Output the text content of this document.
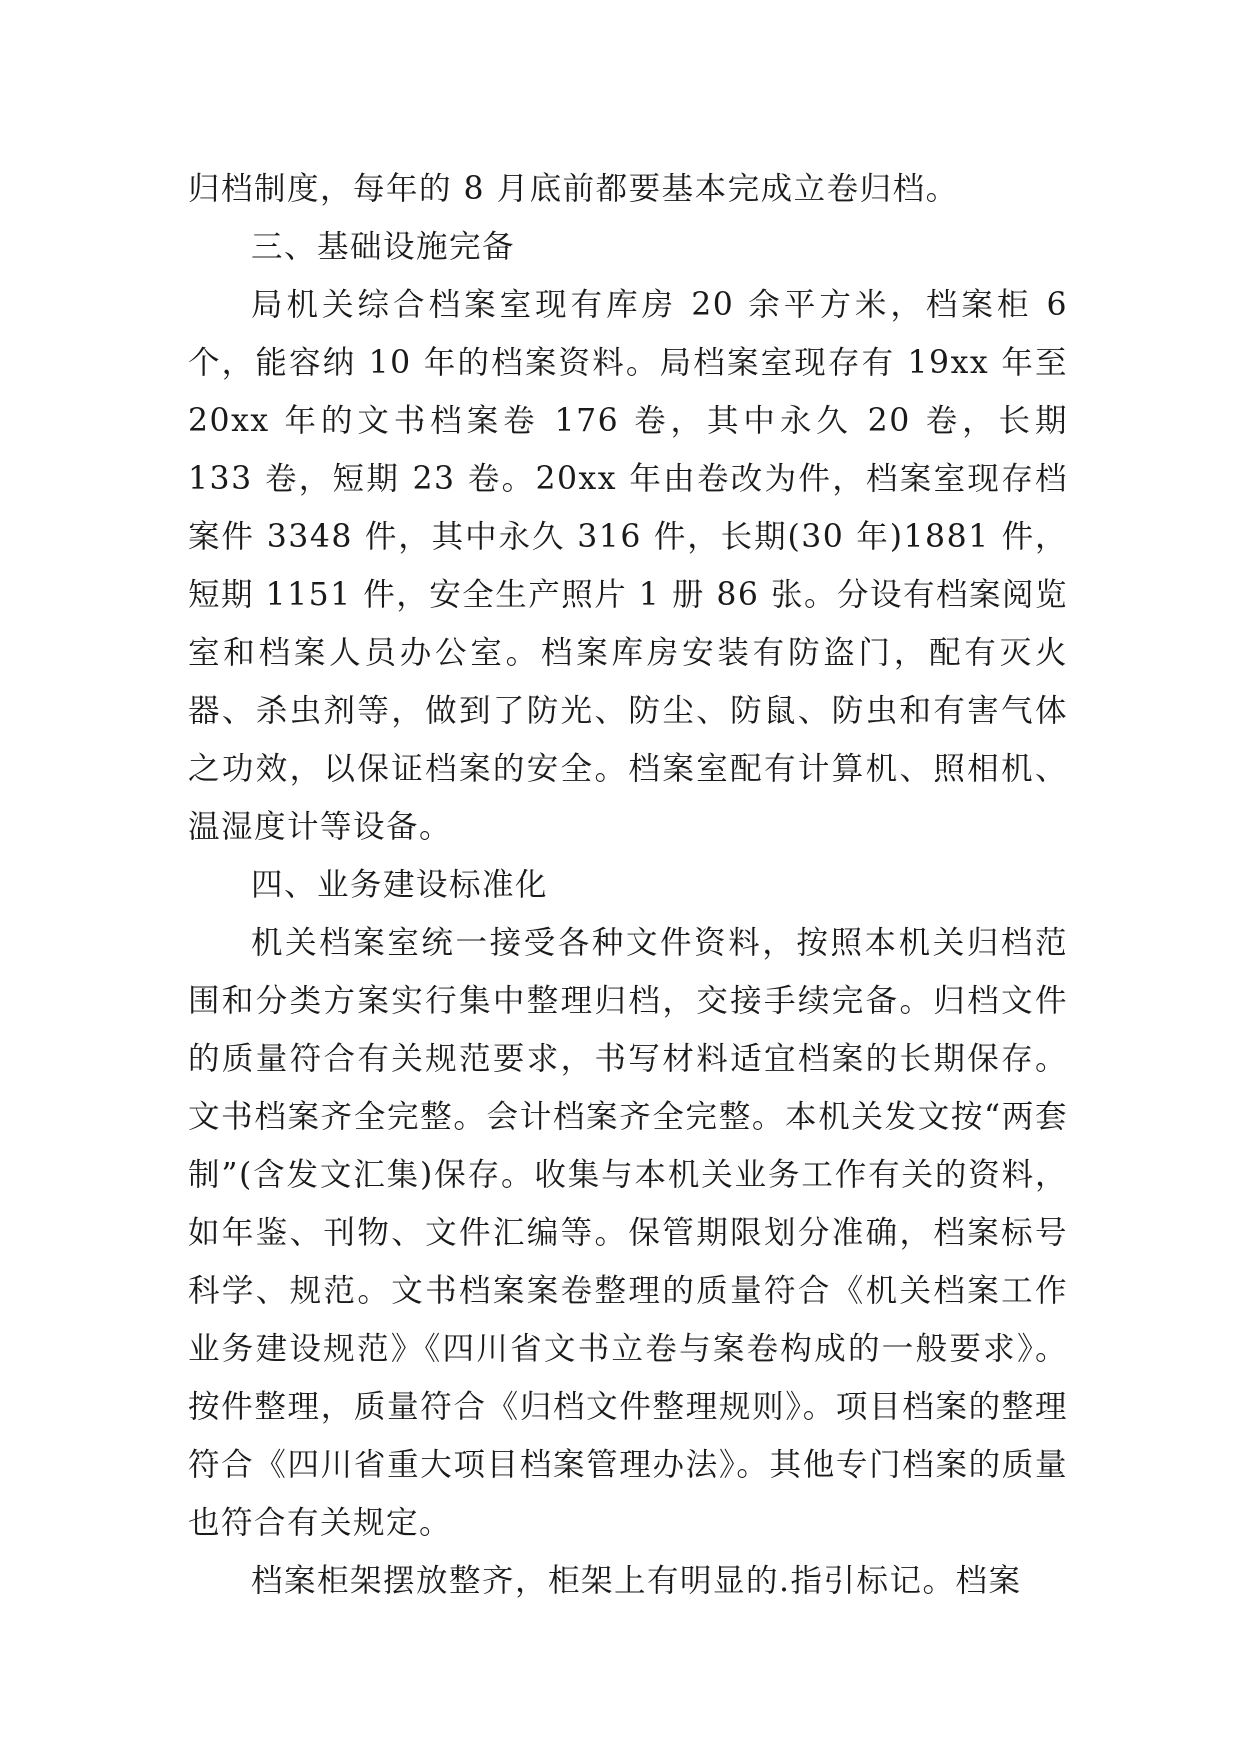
归档制度，每年的 8 月底前都要基本完成立卷归档。

三、基础设施完备

局机关综合档案室现有库房 20 余平方米，档案柜 6 个，能容纳 10 年的档案资料。局档案室现存有 19xx 年至 20xx 年的文书档案卷 176 卷，其中永久 20 卷，长期 133 卷，短期 23 卷。20xx 年由卷改为件，档案室现存档案件 3348 件，其中永久 316 件，长期(30 年)1881 件，短期 1151 件，安全生产照片 1 册 86 张。分设有档案阅览室和档案人员办公室。档案库房安装有防盗门，配有灭火器、杀虫剂等，做到了防光、防尘、防鼠、防虫和有害气体之功效，以保证档案的安全。档案室配有计算机、照相机、温湿度计等设备。

四、业务建设标准化

机关档案室统一接受各种文件资料，按照本机关归档范围和分类方案实行集中整理归档，交接手续完备。归档文件的质量符合有关规范要求，书写材料适宜档案的长期保存。文书档案齐全完整。会计档案齐全完整。本机关发文按“两套制”(含发文汇集)保存。收集与本机关业务工作有关的资料，如年鉴、刊物、文件汇编等。保管期限划分准确，档案标号科学、规范。文书档案案卷整理的质量符合《机关档案工作业务建设规范》《四川省文书立卷与案卷构成的一般要求》。按件整理，质量符合《归档文件整理规则》。项目档案的整理符合《四川省重大项目档案管理办法》。其他专门档案的质量也符合有关规定。

档案柜架摆放整齐，柜架上有明显的.指引标记。档案
